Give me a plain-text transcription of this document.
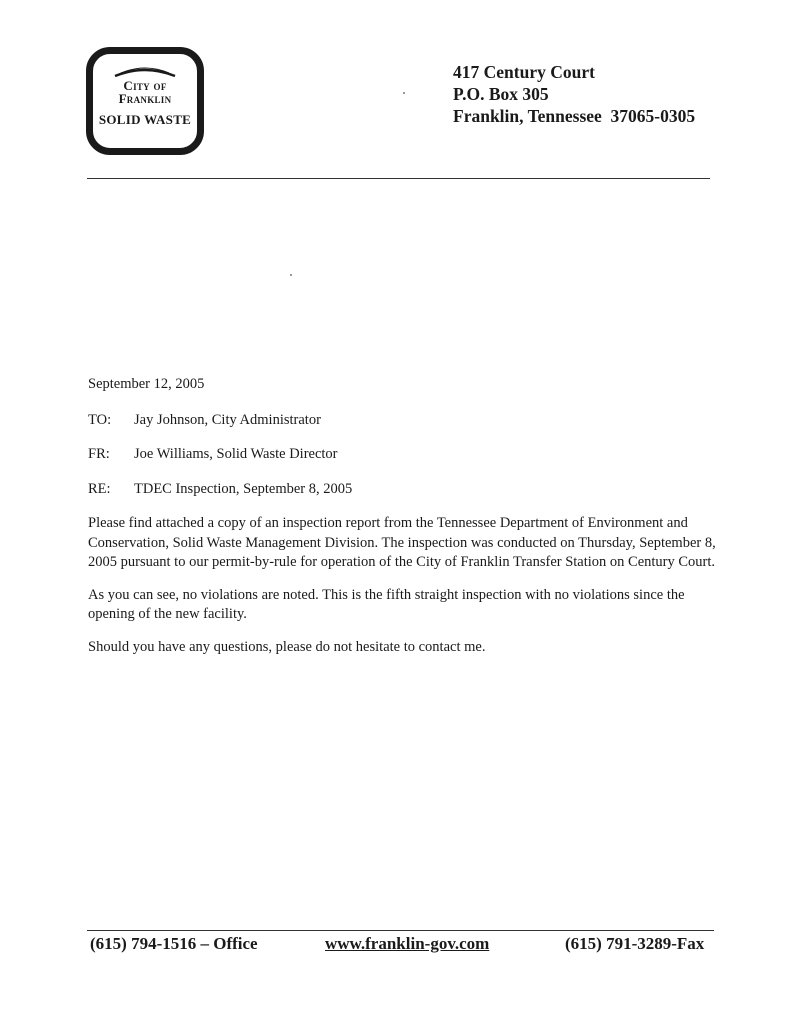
City of
Franklin
SOLID WASTE
417 Century Court
P.O. Box 305
Franklin, Tennessee  37065-0305
September 12, 2005
TO:	Jay Johnson, City Administrator
FR:	Joe Williams, Solid Waste Director
RE:	TDEC Inspection, September 8, 2005

Please find attached a copy of an inspection report from the Tennessee Department of Environment and Conservation, Solid Waste Management Division. The inspection was conducted on Thursday, September 8, 2005 pursuant to our permit-by-rule for operation of the City of Franklin Transfer Station on Century Court.

As you can see, no violations are noted. This is the fifth straight inspection with no violations since the opening of the new facility.

Should you have any questions, please do not hesitate to contact me.

(615) 794-1516 – Office	www.franklin-gov.com	(615) 791-3289-Fax
